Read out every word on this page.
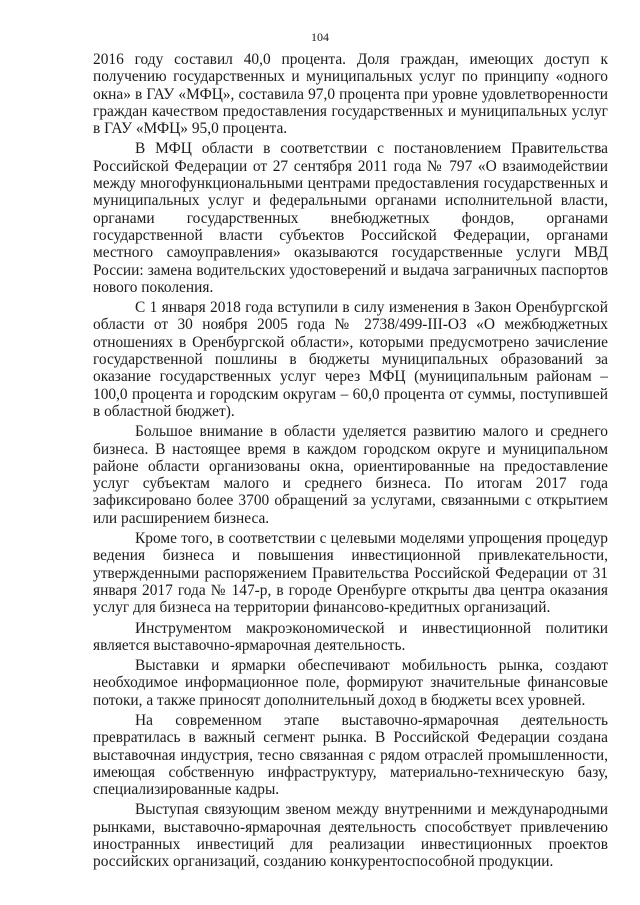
104

2016 году составил 40,0 процента. Доля граждан, имеющих доступ к получению государственных и муниципальных услуг по принципу «одного окна» в ГАУ «МФЦ», составила 97,0 процента при уровне удовлетворенности граждан качеством предоставления государственных и муниципальных услуг в ГАУ «МФЦ» 95,0 процента.

В МФЦ области в соответствии с постановлением Правительства Российской Федерации от 27 сентября 2011 года № 797 «О взаимодействии между многофункциональными центрами предоставления государственных и муниципальных услуг и федеральными органами исполнительной власти, органами государственных внебюджетных фондов, органами государственной власти субъектов Российской Федерации, органами местного самоуправления» оказываются государственные услуги МВД России: замена водительских удостоверений и выдача заграничных паспортов нового поколения.

С 1 января 2018 года вступили в силу изменения в Закон Оренбургской области от 30 ноября 2005 года № 2738/499-III-ОЗ «О межбюджетных отношениях в Оренбургской области», которыми предусмотрено зачисление государственной пошлины в бюджеты муниципальных образований за оказание государственных услуг через МФЦ (муниципальным районам – 100,0 процента и городским округам – 60,0 процента от суммы, поступившей в областной бюджет).

Большое внимание в области уделяется развитию малого и среднего бизнеса. В настоящее время в каждом городском округе и муниципальном районе области организованы окна, ориентированные на предоставление услуг субъектам малого и среднего бизнеса. По итогам 2017 года зафиксировано более 3700 обращений за услугами, связанными с открытием или расширением бизнеса.

Кроме того, в соответствии с целевыми моделями упрощения процедур ведения бизнеса и повышения инвестиционной привлекательности, утвержденными распоряжением Правительства Российской Федерации от 31 января 2017 года № 147-р, в городе Оренбурге открыты два центра оказания услуг для бизнеса на территории финансово-кредитных организаций.

Инструментом макроэкономической и инвестиционной политики является выставочно-ярмарочная деятельность.

Выставки и ярмарки обеспечивают мобильность рынка, создают необходимое информационное поле, формируют значительные финансовые потоки, а также приносят дополнительный доход в бюджеты всех уровней.

На современном этапе выставочно-ярмарочная деятельность превратилась в важный сегмент рынка. В Российской Федерации создана выставочная индустрия, тесно связанная с рядом отраслей промышленности, имеющая собственную инфраструктуру, материально-техническую базу, специализированные кадры.

Выступая связующим звеном между внутренними и международными рынками, выставочно-ярмарочная деятельность способствует привлечению иностранных инвестиций для реализации инвестиционных проектов российских организаций, созданию конкурентоспособной продукции.
